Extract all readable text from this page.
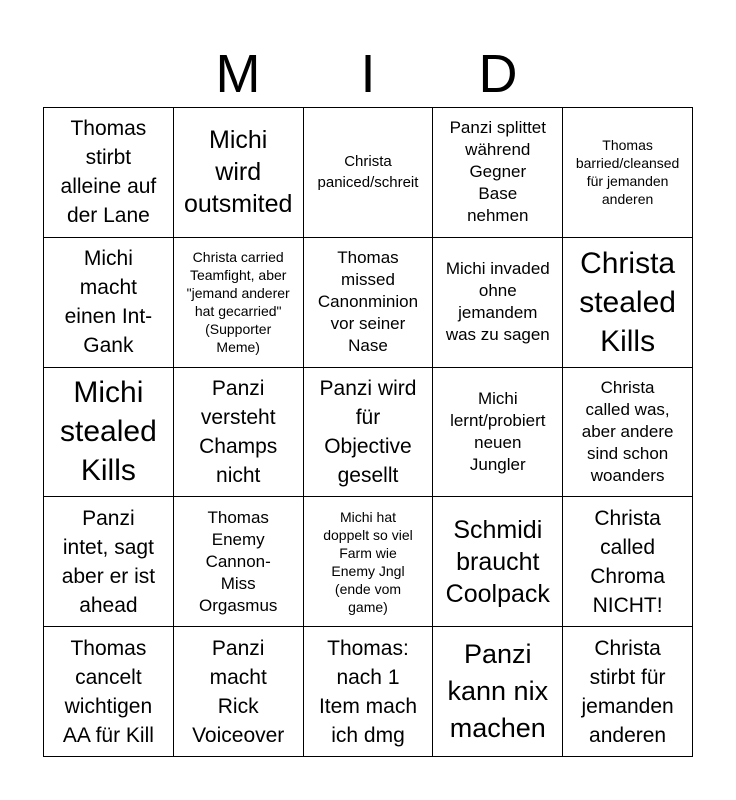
M	I	D
Thomas
stirbt
alleine auf
der Lane
Michi
wird
outsmited
Christa
paniced/schreit
Panzi splittet
während
Gegner
Base
nehmen
Thomas
barried/cleansed
für jemanden
anderen
Michi
macht
einen Int-
Gank
Christa carried
Teamfight, aber
"jemand anderer
hat gecarried"
(Supporter
Meme)
Thomas
missed
Canonminion
vor seiner
Nase
Michi invaded
ohne
jemandem
was zu sagen
Christa
stealed
Kills
Michi
stealed
Kills
Panzi
versteht
Champs
nicht
Panzi wird
für
Objective
gesellt
Michi
lernt/probiert
neuen
Jungler
Christa
called was,
aber andere
sind schon
woanders
Panzi
intet, sagt
aber er ist
ahead
Thomas
Enemy
Cannon-
Miss
Orgasmus
Michi hat
doppelt so viel
Farm wie
Enemy Jngl
(ende vom
game)
Schmidi
braucht
Coolpack
Christa
called
Chroma
NICHT!
Thomas
cancelt
wichtigen
AA für Kill
Panzi
macht
Rick
Voiceover
Thomas:
nach 1
Item mach
ich dmg
Panzi
kann nix
machen
Christa
stirbt für
jemanden
anderen
